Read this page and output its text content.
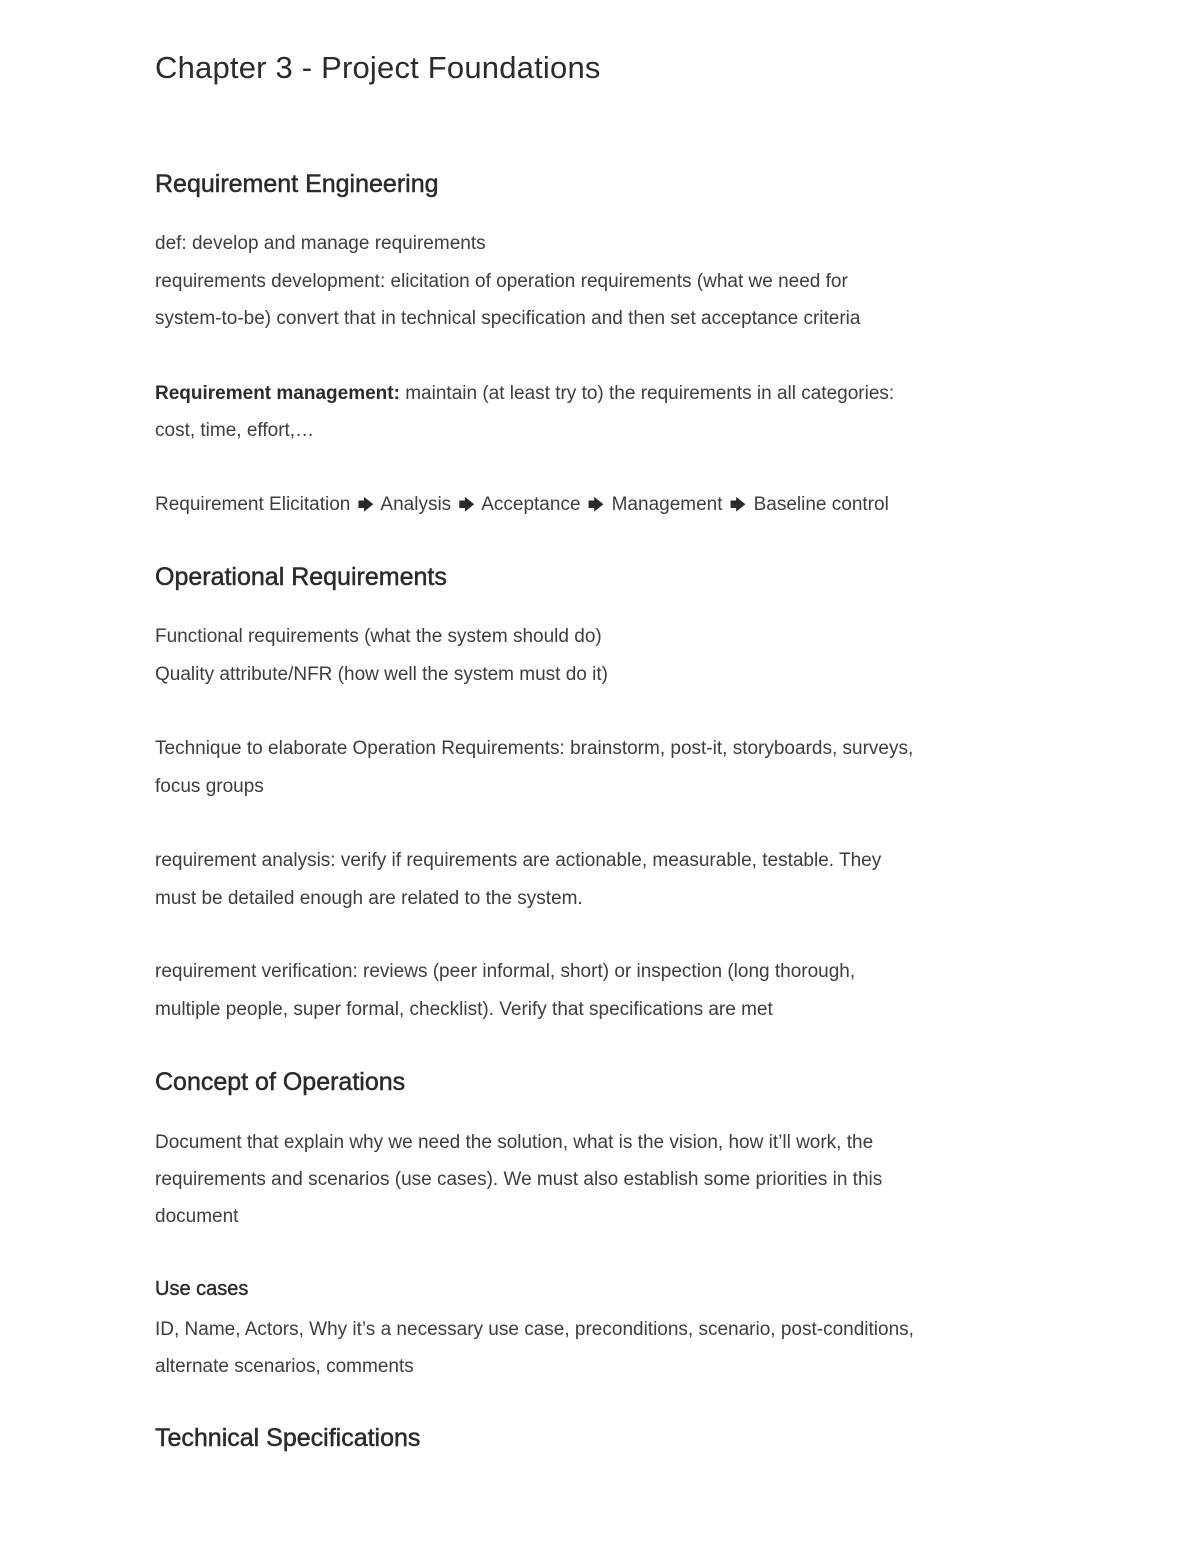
Chapter 3 - Project Foundations
Requirement Engineering
def: develop and manage requirements
requirements development: elicitation of operation requirements (what we need for
system-to-be) convert that in technical specification and then set acceptance criteria
Requirement management: maintain (at least try to) the requirements in all categories:
cost, time, effort,…
Requirement Elicitation 🡆 Analysis 🡆 Acceptance 🡆 Management 🡆 Baseline control
Operational Requirements
Functional requirements (what the system should do)
Quality attribute/NFR (how well the system must do it)
Technique to elaborate Operation Requirements: brainstorm, post-it, storyboards, surveys,
focus groups
requirement analysis: verify if requirements are actionable, measurable, testable. They
must be detailed enough are related to the system.
requirement verification: reviews (peer informal, short) or inspection (long thorough,
multiple people, super formal, checklist). Verify that specifications are met
Concept of Operations
Document that explain why we need the solution, what is the vision, how it’ll work, the
requirements and scenarios (use cases). We must also establish some priorities in this
document
Use cases
ID, Name, Actors, Why it’s a necessary use case, preconditions, scenario, post-conditions,
alternate scenarios, comments
Technical Specifications
